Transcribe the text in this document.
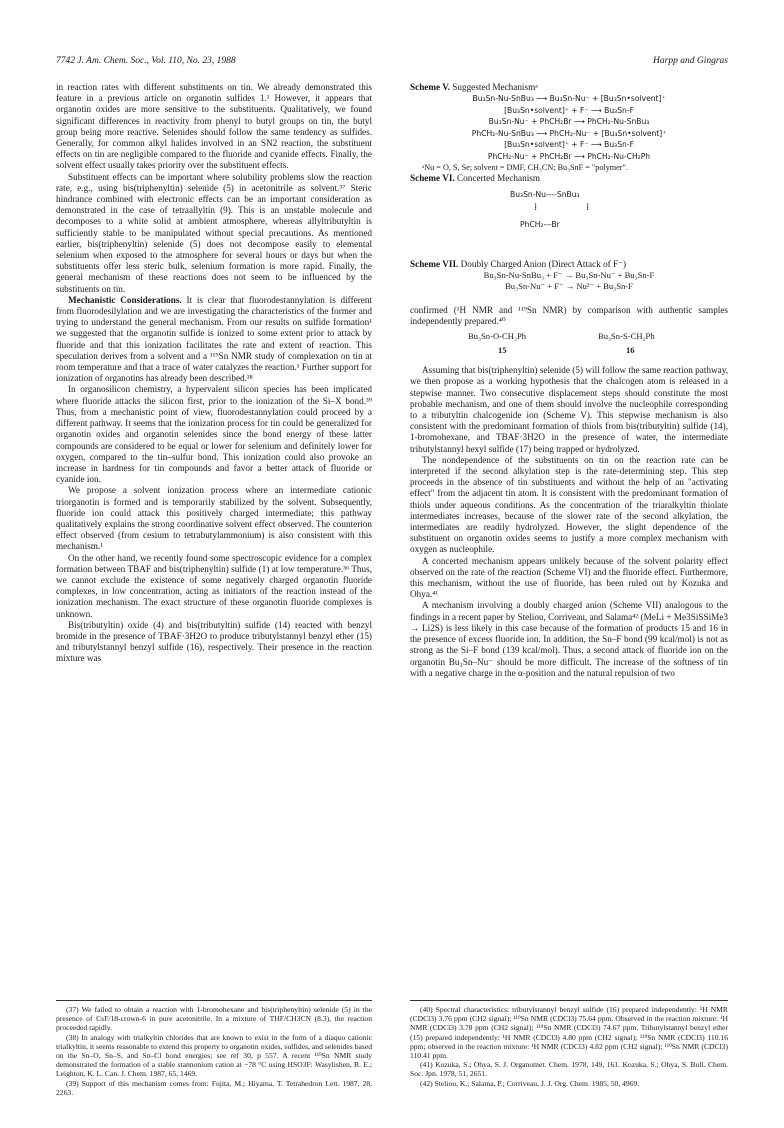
7742 J. Am. Chem. Soc., Vol. 110, No. 23, 1988	Harpp and Gingras

in reaction rates with different substituents on tin. We already demonstrated this feature in a previous article on organotin sulfides 1.¹ However, it appears that organotin oxides are more sensitive to the substituents. Qualitatively, we found significant differences in reactivity from phenyl to butyl groups on tin, the butyl group being more reactive. Selenides should follow the same tendency as sulfides. Generally, for common alkyl halides involved in an SN2 reaction, the substituent effects on tin are negligible compared to the fluoride and cyanide effects. Finally, the solvent effect usually takes priority over the substituent effects.

Substituent effects can be important where solubility problems slow the reaction rate, e.g., using bis(triphenyltin) selenide (5) in acetonitrile as solvent.³⁷ Steric hindrance combined with electronic effects can be an important consideration as demonstrated in the case of tetraallyltin (9). This is an unstable molecule and decomposes to a white solid at ambient atmosphere, whereas allyltributyltin is sufficiently stable to be manipulated without special precautions. As mentioned earlier, bis(triphenyltin) selenide (5) does not decompose easily to elemental selenium when exposed to the atmosphere for several hours or days but when the substituents offer less steric bulk, selenium formation is more rapid. Finally, the general mechanism of these reactions does not seem to be influenced by the substituents on tin.

Mechanistic Considerations. It is clear that fluorodestannylation is different from fluorodesilylation and we are investigating the characteristics of the former and trying to understand the general mechanism. From our results on sulfide formation¹ we suggested that the organotin sulfide is ionized to some extent prior to attack by fluoride and that this ionization facilitates the rate and extent of reaction. This speculation derives from a solvent and a ¹¹⁹Sn NMR study of complexation on tin at room temperature and that a trace of water catalyzes the reaction.¹ Further support for ionization of organotins has already been described.³⁸

In organosilicon chemistry, a hypervalent silicon species has been implicated where fluoride attacks the silicon first, prior to the ionization of the Si–X bond.³⁹ Thus, from a mechanistic point of view, fluorodestannylation could proceed by a different pathway. It seems that the ionization process for tin could be generalized for organotin oxides and organotin selenides since the bond energy of these latter compounds are considered to be equal or lower for selenium and definitely lower for oxygen, compared to the tin–sulfur bond. This ionization could also provoke an increase in hardness for tin compounds and favor a better attack of fluoride or cyanide ion.

We propose a solvent ionization process where an intermediate cationic triorganotin is formed and is temporarily stabilized by the solvent. Subsequently, fluoride ion could attack this positively charged intermediate; this pathway qualitatively explains the strong coordinative solvent effect observed. The counterion effect observed (from cesium to tetrabutylammonium) is also consistent with this mechanism.¹

On the other hand, we recently found some spectroscopic evidence for a complex formation between TBAF and bis(triphenyltin) sulfide (1) at low temperature.³⁶ Thus, we cannot exclude the existence of some negatively charged organotin fluoride complexes, in low concentration, acting as initiators of the reaction instead of the ionization mechanism. The exact structure of these organotin fluoride complexes is unknown.

Bis(tributyltin) oxide (4) and bis(tributyltin) sulfide (14) reacted with benzyl bromide in the presence of TBAF·3H2O to produce tributylstannyl benzyl ether (15) and tributylstannyl benzyl sulfide (16), respectively. Their presence in the reaction mixture was

Scheme V. Suggested Mechanismᵃ

Bu₃Sn-Nu-SnBu₃ ⟶ Bu₃Sn-Nu⁻ + [Bu₃Sn•solvent]⁺
[Bu₃Sn•solvent]⁺ + F⁻ ⟶ Bu₃Sn-F
Bu₃Sn-Nu⁻ + PhCH₂Br ⟶ PhCH₂-Nu-SnBu₃
PhCH₂-Nu-SnBu₃ ⟶ PhCH₂-Nu⁻ + [Bu₃Sn•solvent]⁺
[Bu₃Sn•solvent]⁺ + F⁻ ⟶ Bu₃Sn-F
PhCH₂-Nu⁻ + PhCH₂Br ⟶ PhCH₂-Nu-CH₂Ph

ᵃNu = O, S, Se; solvent = DMF, CH₃CN; Bu₃SnF = "polymer".

Scheme VI. Concerted Mechanism

Bu₃Sn-Nu----SnBu₃
⁞	⁞
PhCH₂---Br

Scheme VII. Doubly Charged Anion (Direct Attack of F⁻)

Bu₃Sn-Nu-SnBu₃ + F⁻ → Bu₃Sn-Nu⁻ + Bu₃Sn-F
Bu₃Sn-Nu⁻ + F⁻ → Nu²⁻ + Bu₃Sn-F

confirmed (¹H NMR and ¹¹⁹Sn NMR) by comparison with authentic samples independently prepared.⁴⁰

Bu₃Sn-O-CH₂Ph	Bu₃Sn-S-CH₂Ph
15	16

Assuming that bis(triphenyltin) selenide (5) will follow the same reaction pathway, we then propose as a working hypothesis that the chalcogen atom is released in a stepwise manner. Two consecutive displacement steps should constitute the most probable mechanism, and one of them should involve the nucleophile corresponding to a tributyltin chalcogenide ion (Scheme V). This stepwise mechanism is also consistent with the predominant formation of thiols from bis(tributyltin) sulfide (14), 1-bromohexane, and TBAF·3H2O in the presence of water, the intermediate tributylstannyl hexyl sulfide (17) being trapped or hydrolyzed.

The nondependence of the substituents on tin on the reaction rate can be interpreted if the second alkylation step is the rate-determining step. This step proceeds in the absence of tin substituents and without the help of an "activating effect" from the adjacent tin atom. It is consistent with the predominant formation of thiols under aqueous conditions. As the concentration of the triaralkyltin thiolate intermediates increases, because of the slower rate of the second alkylation, the intermediates are readily hydrolyzed. However, the slight dependence of the substituent on organotin oxides seems to justify a more complex mechanism with oxygen as nucleophile.

A concerted mechanism appears unlikely because of the solvent polarity effect observed on the rate of the reaction (Scheme VI) and the fluoride effect. Furthermore, this mechanism, without the use of fluoride, has been ruled out by Kozuka and Ohya.⁴¹

A mechanism involving a doubly charged anion (Scheme VII) analogous to the findings in a recent paper by Steliou, Corriveau, and Salama⁴² (MeLi + Me3SiSSiMe3 → Li2S) is less likely in this case because of the formation of products 15 and 16 in the presence of excess fluoride ion. In addition, the Sn–F bond (99 kcal/mol) is not as strong as the Si–F bond (139 kcal/mol). Thus, a second attack of fluoride ion on the organotin Bu₃Sn–Nu⁻ should be more difficult. The increase of the softness of tin with a negative charge in the α-position and the natural repulsion of two

(37) We failed to obtain a reaction with 1-bromohexane and bis(triphenyltin) selenide (5) in the presence of CsF/18-crown-6 in pure acetonitrile. In a mixture of THF/CH3CN (8.3), the reaction proceeded rapidly.

(38) In analogy with trialkyltin chlorides that are known to exist in the form of a diaquo cationic trialkyltin, it seems reasonable to extend this property to organotin oxides, sulfides, and selenides based on the Sn–O, Sn–S, and Sn–Cl bond energies; see ref 30, p 557. A recent ¹¹⁹Sn NMR study demonstrated the formation of a stable stannonium cation at −78 °C using HSO3F: Wasylishen, R. E.; Leighton, K. L. Can. J. Chem. 1987, 65, 1469.

(39) Support of this mechanism comes from: Fujita, M.; Hiyama, T. Tetrahedron Lett. 1987, 28, 2263.

(40) Spectral characteristics: tributylstannyl benzyl sulfide (16) prepared independently: ¹H NMR (CDCl3) 3.76 ppm (CH2 signal); ¹¹⁹Sn NMR (CDCl3) 75.64 ppm. Observed in the reaction mixture: ¹H NMR (CDCl3) 3.78 ppm (CH2 signal); ¹¹⁹Sn NMR (CDCl3) 74.67 ppm. Tributylstannyl benzyl ether (15) prepared independently: ¹H NMR (CDCl3) 4.80 ppm (CH2 signal); ¹¹⁹Sn NMR (CDCl3) 110.16 ppm; observed in the reaction mixture: ¹H NMR (CDCl3) 4.82 ppm (CH2 signal); ¹¹⁹Sn NMR (CDCl3) 110.41 ppm.

(41) Kozuka, S.; Ohya, S. J. Organomet. Chem. 1978, 149, 161. Kozuka, S.; Ohya, S. Bull. Chem. Soc. Jpn. 1978, 51, 2651.

(42) Steliou, K.; Salama, P.; Corriveau, J. J. Org. Chem. 1985, 50, 4969.
